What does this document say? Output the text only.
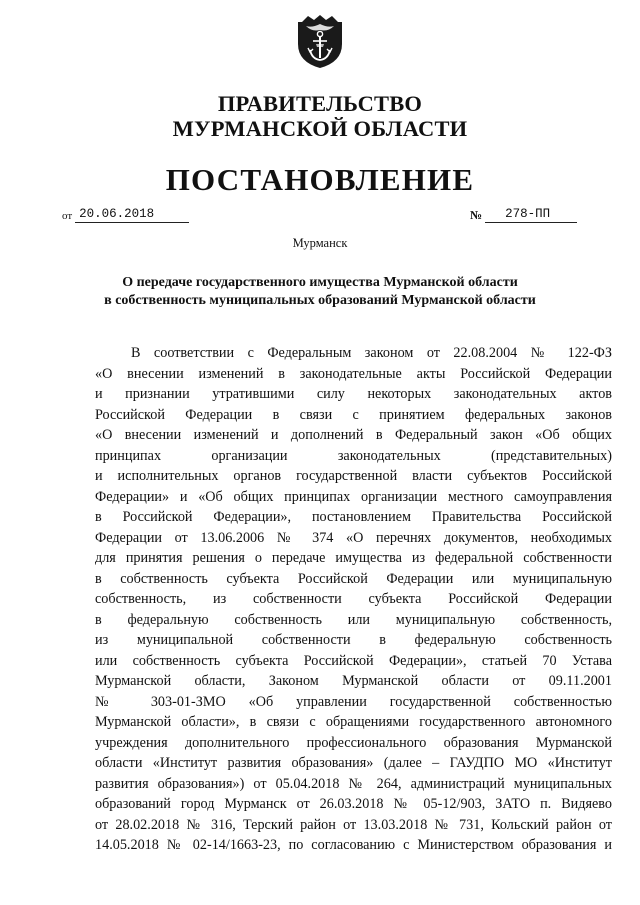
ПРАВИТЕЛЬСТВО
МУРМАНСКОЙ ОБЛАСТИ
ПОСТАНОВЛЕНИЕ
от 20.06.2018	№ 278-ПП
Мурманск
О передаче государственного имущества Мурманской области
в собственность муниципальных образований Мурманской области
В соответствии с Федеральным законом от 22.08.2004 № 122-ФЗ
«О внесении изменений в законодательные акты Российской Федерации
и признании утратившими силу некоторых законодательных актов
Российской Федерации в связи с принятием федеральных законов
«О внесении изменений и дополнений в Федеральный закон «Об общих
принципах организации законодательных (представительных)
и исполнительных органов государственной власти субъектов Российской
Федерации» и «Об общих принципах организации местного самоуправления
в Российской Федерации», постановлением Правительства Российской
Федерации от 13.06.2006 № 374 «О перечнях документов, необходимых
для принятия решения о передаче имущества из федеральной собственности
в собственность субъекта Российской Федерации или муниципальную
собственность, из собственности субъекта Российской Федерации
в федеральную собственность или муниципальную собственность,
из муниципальной собственности в федеральную собственность
или собственность субъекта Российской Федерации», статьей 70 Устава
Мурманской области, Законом Мурманской области от 09.11.2001
№ 303-01-ЗМО «Об управлении государственной собственностью
Мурманской области», в связи с обращениями государственного автономного
учреждения дополнительного профессионального образования Мурманской
области «Институт развития образования» (далее – ГАУДПО МО «Институт
развития образования») от 05.04.2018 № 264, администраций муниципальных
образований город Мурманск от 26.03.2018 № 05-12/903, ЗАТО п. Видяево
от 28.02.2018 № 316, Терский район от 13.03.2018 № 731, Кольский район от
14.05.2018 № 02-14/1663-23, по согласованию с Министерством образования и
